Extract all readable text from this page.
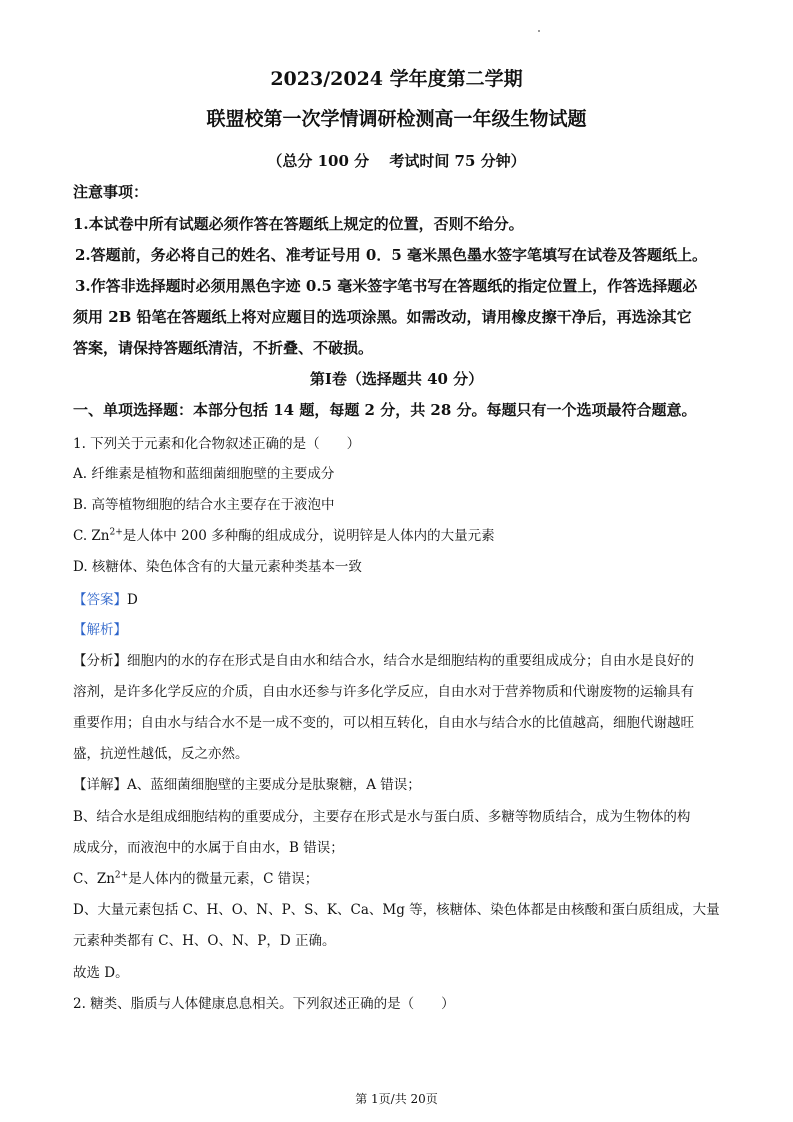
2023/2024 学年度第二学期
联盟校第一次学情调研检测高一年级生物试题
（总分 100 分　 考试时间 75 分钟）
注意事项：
1.本试卷中所有试题必须作答在答题纸上规定的位置，否则不给分。
2.答题前，务必将自己的姓名、准考证号用 0．5 毫米黑色墨水签字笔填写在试卷及答题纸上。
3.作答非选择题时必须用黑色字迹 0.5 毫米签字笔书写在答题纸的指定位置上，作答选择题必
须用 2B 铅笔在答题纸上将对应题目的选项涂黑。如需改动，请用橡皮擦干净后，再选涂其它
答案，请保持答题纸清洁，不折叠、不破损。
第Ⅰ卷（选择题共 40 分）
一、单项选择题：本部分包括 14 题，每题 2 分，共 28 分。每题只有一个选项最符合题意。
1. 下列关于元素和化合物叙述正确的是（　　）
A. 纤维素是植物和蓝细菌细胞壁的主要成分
B. 高等植物细胞的结合水主要存在于液泡中
C. $Zn^{2+}$是人体中 200 多种酶的组成成分，说明锌是人体内的大量元素
D. 核糖体、染色体含有的大量元素种类基本一致
【答案】D
【解析】
【分析】细胞内的水的存在形式是自由水和结合水，结合水是细胞结构的重要组成成分；自由水是良好的
溶剂，是许多化学反应的介质，自由水还参与许多化学反应，自由水对于营养物质和代谢废物的运输具有
重要作用；自由水与结合水不是一成不变的，可以相互转化，自由水与结合水的比值越高，细胞代谢越旺
盛，抗逆性越低，反之亦然。
【详解】A、蓝细菌细胞壁的主要成分是肽聚糖，A 错误；
B、结合水是组成细胞结构的重要成分，主要存在形式是水与蛋白质、多糖等物质结合，成为生物体的构
成成分，而液泡中的水属于自由水，B 错误；
C、$Zn^{2+}$是人体内的微量元素，C 错误；
D、大量元素包括 C、H、O、N、P、S、K、Ca、Mg 等，核糖体、染色体都是由核酸和蛋白质组成，大量
元素种类都有 C、H、O、N、P，D 正确。
故选 D。
2. 糖类、脂质与人体健康息息相关。下列叙述正确的是（　　）
第 1页/共 20页
